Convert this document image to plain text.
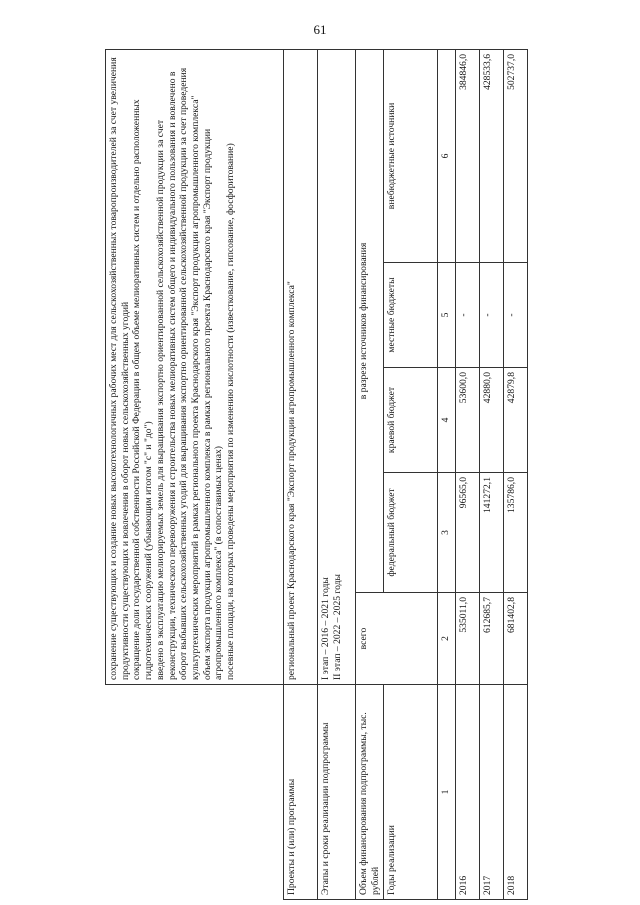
61
	сохранение существующих и создание новых высокотехнологичных рабочих мест для сельскохозяйственных товаропроизводителей за счет увеличения продуктивности существующих и вовлечения в оборот новых сельскохозяйственных угодий
сокращение доли государственной собственности Российской Федерации в общем объеме мелиоративных систем и отдельно расположенных гидротехнических сооружений (убывающим итогом "с" и "до")
введено в эксплуатацию мелиорируемых земель для выращивания экспортно ориентированной сельскохозяйственной продукции за счет реконструкции, технического перевооружения и строительства новых мелиоративных систем общего и индивидуального пользования и вовлечено в оборот выбывших сельскохозяйственных угодий для выращивания экспортно ориентированной сельскохозяйственной продукции за счет проведения культуртехнических мероприятий в рамках регионального проекта Краснодарского края "Экспорт продукции агропромышленного комплекса"
объем экспорта продукции агропромышленного комплекса в рамках регионального проекта Краснодарского края "Экспорт продукции агропромышленного комплекса" (в сопоставимых ценах)
посевные площади, на которых проведены мероприятия по изменению кислотности (известкование, гипсование, фосфоритование)				
Проекты и (или) программы	региональный проект Краснодарского края "Экспорт продукции агропромышленного комплекса"				
Этапы и сроки реализации подпрограммы	I этап – 2016 – 2021 годы
II этап – 2022 – 2025 годы				
Объем финансирования подпрограммы, тыс. рублей	всего	в разрезе источников финансирования			
Годы реализации		федеральный бюджет	краевой бюджет	местные бюджеты	внебюджетные источники
1	2	3	4	5	6
2016	535011,0	96565,0	53600,0	-	384846,0
2017	612685,7	141272,1	42880,0	-	428533,6
2018	681402,8	135786,0	42879,8	-	502737,0
